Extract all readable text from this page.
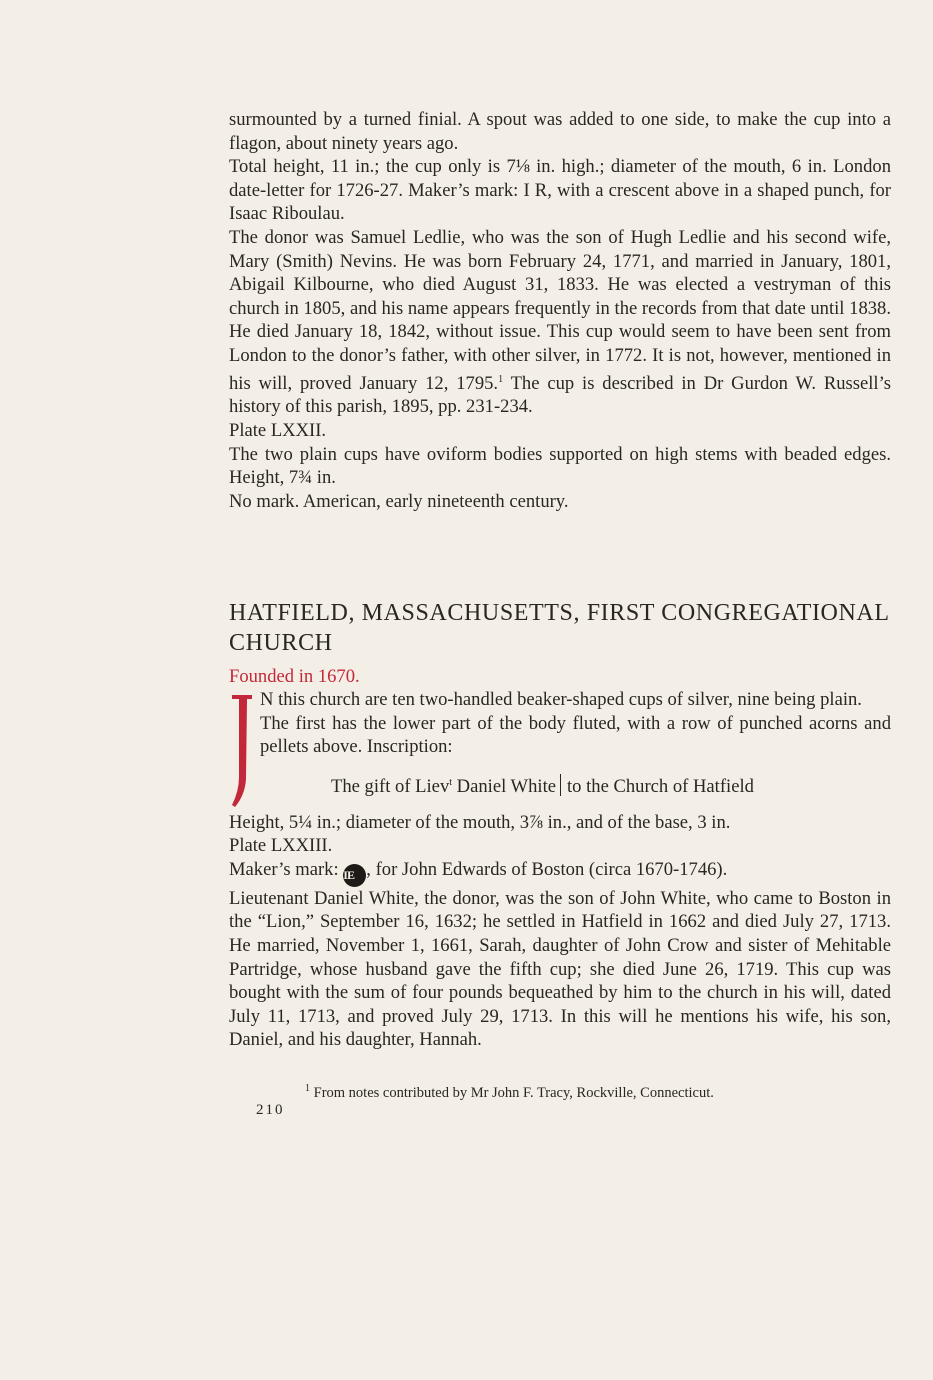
surmounted by a turned finial. A spout was added to one side, to make the cup into a flagon, about ninety years ago.

Total height, 11 in.; the cup only is 7⅛ in. high.; diameter of the mouth, 6 in. London date-letter for 1726-27. Maker’s mark: I R, with a crescent above in a shaped punch, for Isaac Riboulau.

The donor was Samuel Ledlie, who was the son of Hugh Ledlie and his second wife, Mary (Smith) Nevins. He was born February 24, 1771, and married in January, 1801, Abigail Kilbourne, who died August 31, 1833. He was elected a vestryman of this church in 1805, and his name appears frequently in the records from that date until 1838. He died January 18, 1842, without issue. This cup would seem to have been sent from London to the donor’s father, with other silver, in 1772. It is not, however, mentioned in his will, proved January 12, 1795.$^1$ The cup is described in Dr Gurdon W. Russell’s history of this parish, 1895, pp. 231-234.

Plate LXXII.

The two plain cups have oviform bodies supported on high stems with beaded edges. Height, 7¾ in.

No mark. American, early nineteenth century.

HATFIELD, MASSACHUSETTS, FIRST CONGREGATIONAL CHURCH

Founded in 1670.

N this church are ten two-handled beaker-shaped cups of silver, nine being plain.

The first has the lower part of the body fluted, with a row of punched acorns and pellets above. Inscription:

The gift of Liev$^t$ Daniel White to the Church of Hatfield

Height, 5¼ in.; diameter of the mouth, 3⅞ in., and of the base, 3 in.

Plate LXXIII.

Maker’s mark: IE , for John Edwards of Boston (circa 1670-1746).

Lieutenant Daniel White, the donor, was the son of John White, who came to Boston in the “Lion,” September 16, 1632; he settled in Hatfield in 1662 and died July 27, 1713. He married, November 1, 1661, Sarah, daughter of John Crow and sister of Mehitable Partridge, whose husband gave the fifth cup; she died June 26, 1719. This cup was bought with the sum of four pounds bequeathed by him to the church in his will, dated July 11, 1713, and proved July 29, 1713. In this will he mentions his wife, his son, Daniel, and his daughter, Hannah.

$^1$ From notes contributed by Mr John F. Tracy, Rockville, Connecticut.

210
